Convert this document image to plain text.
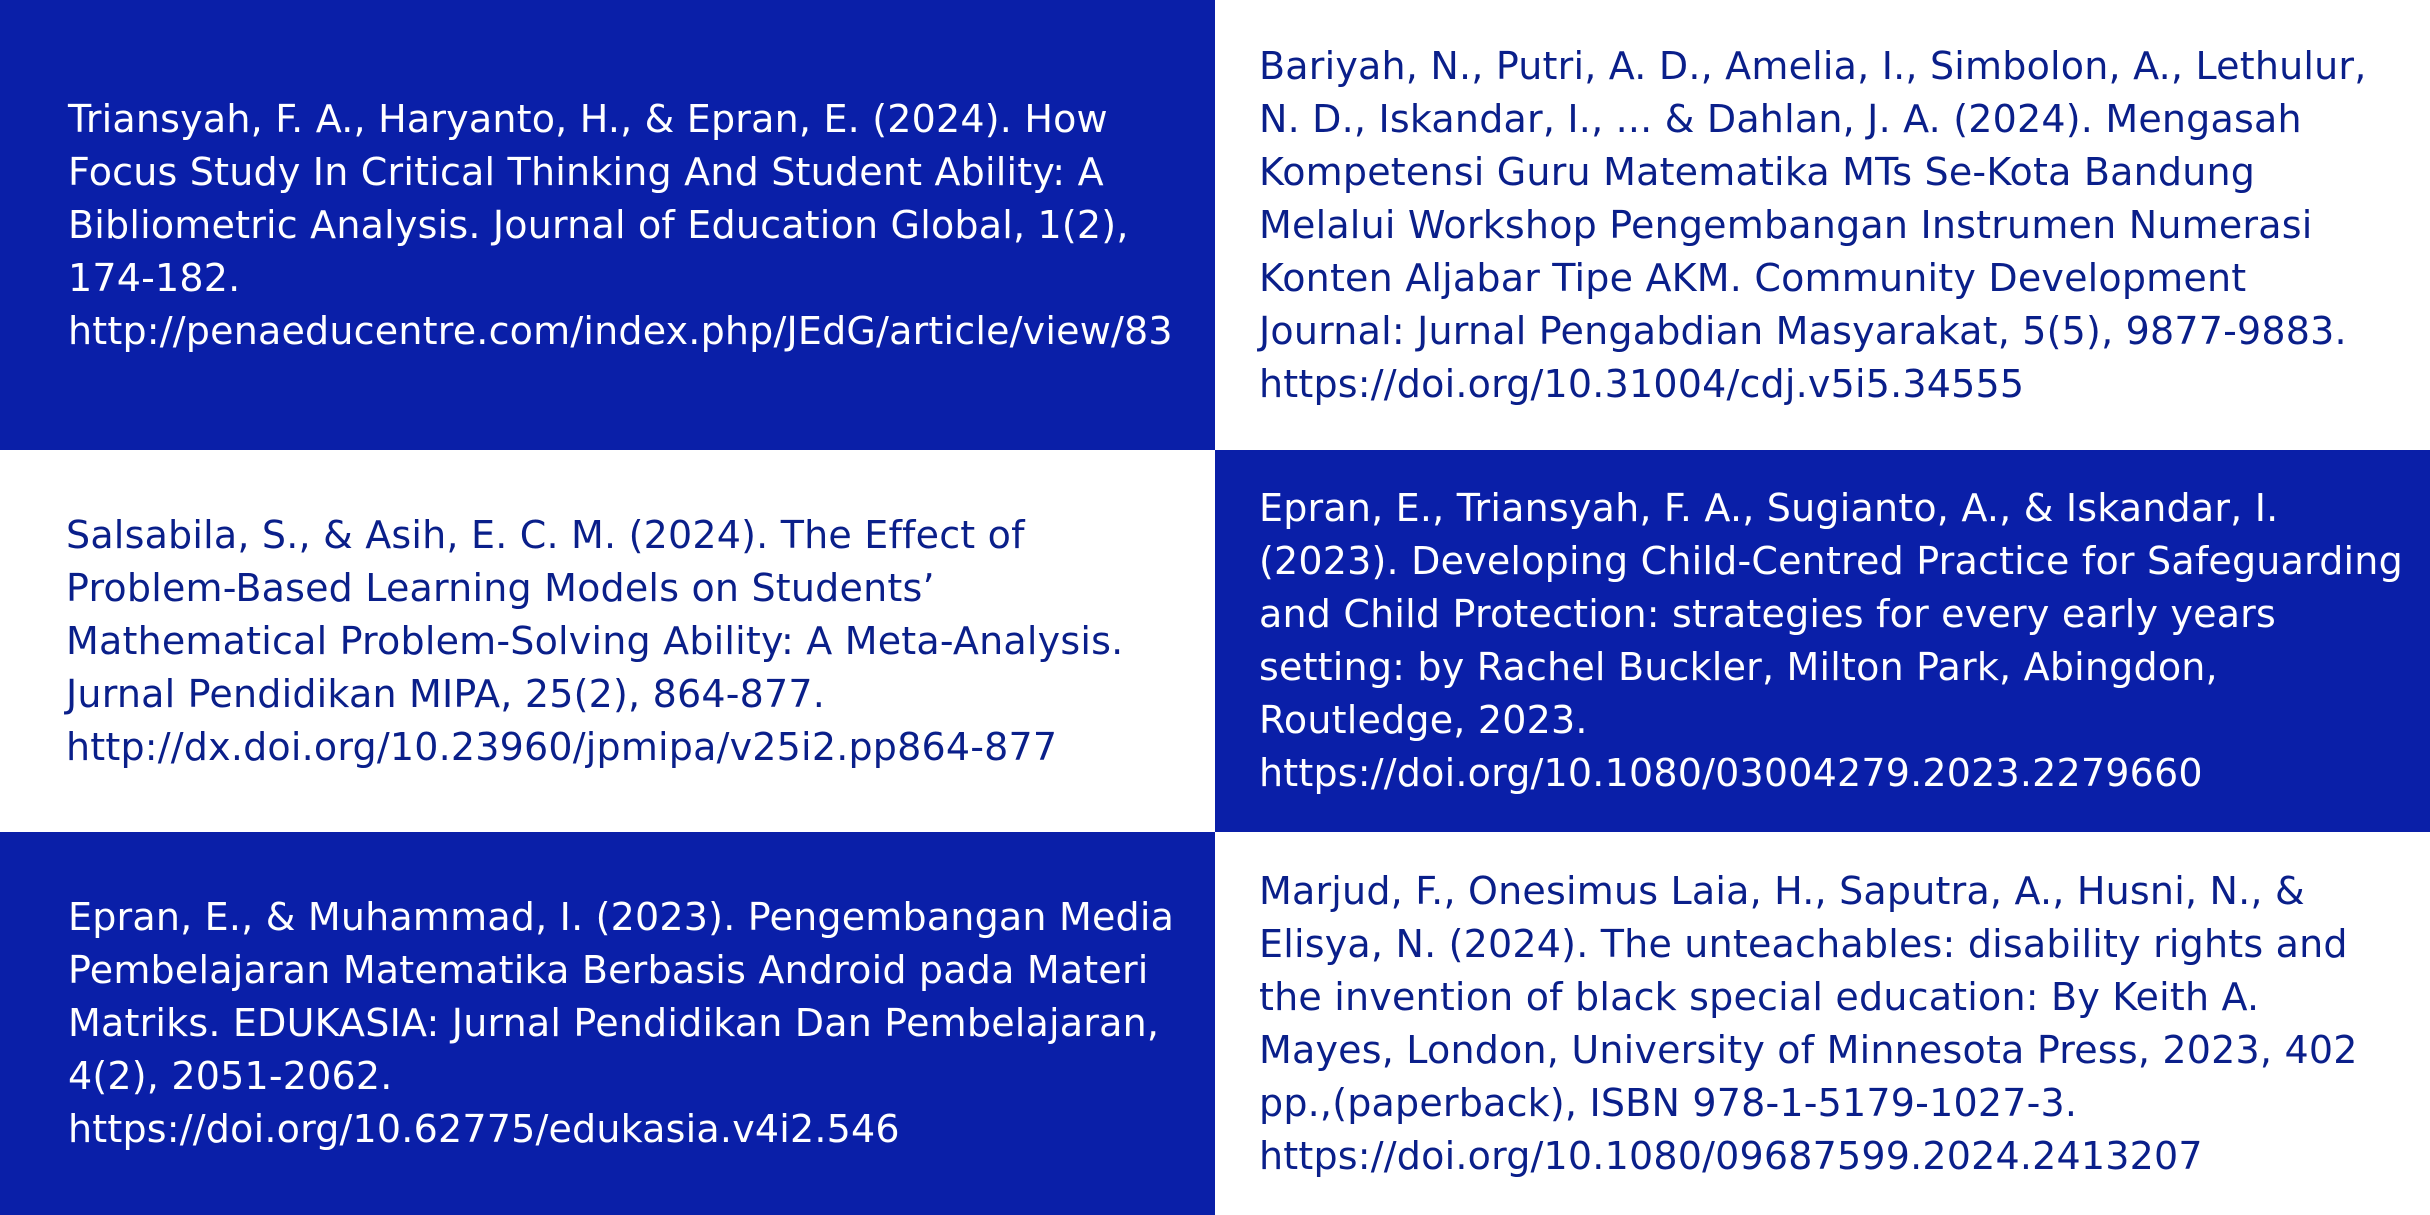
Triansyah, F. A., Haryanto, H., & Epran, E. (2024). How Focus Study In Critical Thinking And Student Ability: A Bibliometric Analysis. Journal of Education Global, 1(2), 174-182. http://penaeducentre.com/index.php/JEdG/article/view/83

Bariyah, N., Putri, A. D., Amelia, I., Simbolon, A., Lethulur, N. D., Iskandar, I., ... & Dahlan, J. A. (2024). Mengasah Kompetensi Guru Matematika MTs Se-Kota Bandung Melalui Workshop Pengembangan Instrumen Numerasi Konten Aljabar Tipe AKM. Community Development Journal: Jurnal Pengabdian Masyarakat, 5(5), 9877-9883. https://doi.org/10.31004/cdj.v5i5.34555

Salsabila, S., & Asih, E. C. M. (2024). The Effect of Problem-Based Learning Models on Students’ Mathematical Problem-Solving Ability: A Meta-Analysis. Jurnal Pendidikan MIPA, 25(2), 864-877. http://dx.doi.org/10.23960/jpmipa/v25i2.pp864-877

Epran, E., Triansyah, F. A., Sugianto, A., & Iskandar, I. (2023). Developing Child-Centred Practice for Safeguarding and Child Protection: strategies for every early years setting: by Rachel Buckler, Milton Park, Abingdon, Routledge, 2023. https://doi.org/10.1080/03004279.2023.2279660

Epran, E., & Muhammad, I. (2023). Pengembangan Media Pembelajaran Matematika Berbasis Android pada Materi Matriks. EDUKASIA: Jurnal Pendidikan Dan Pembelajaran, 4(2), 2051-2062. https://doi.org/10.62775/edukasia.v4i2.546

Marjud, F., Onesimus Laia, H., Saputra, A., Husni, N., & Elisya, N. (2024). The unteachables: disability rights and the invention of black special education: By Keith A. Mayes, London, University of Minnesota Press, 2023, 402 pp.,(paperback), ISBN 978-1-5179-1027-3. https://doi.org/10.1080/09687599.2024.2413207
